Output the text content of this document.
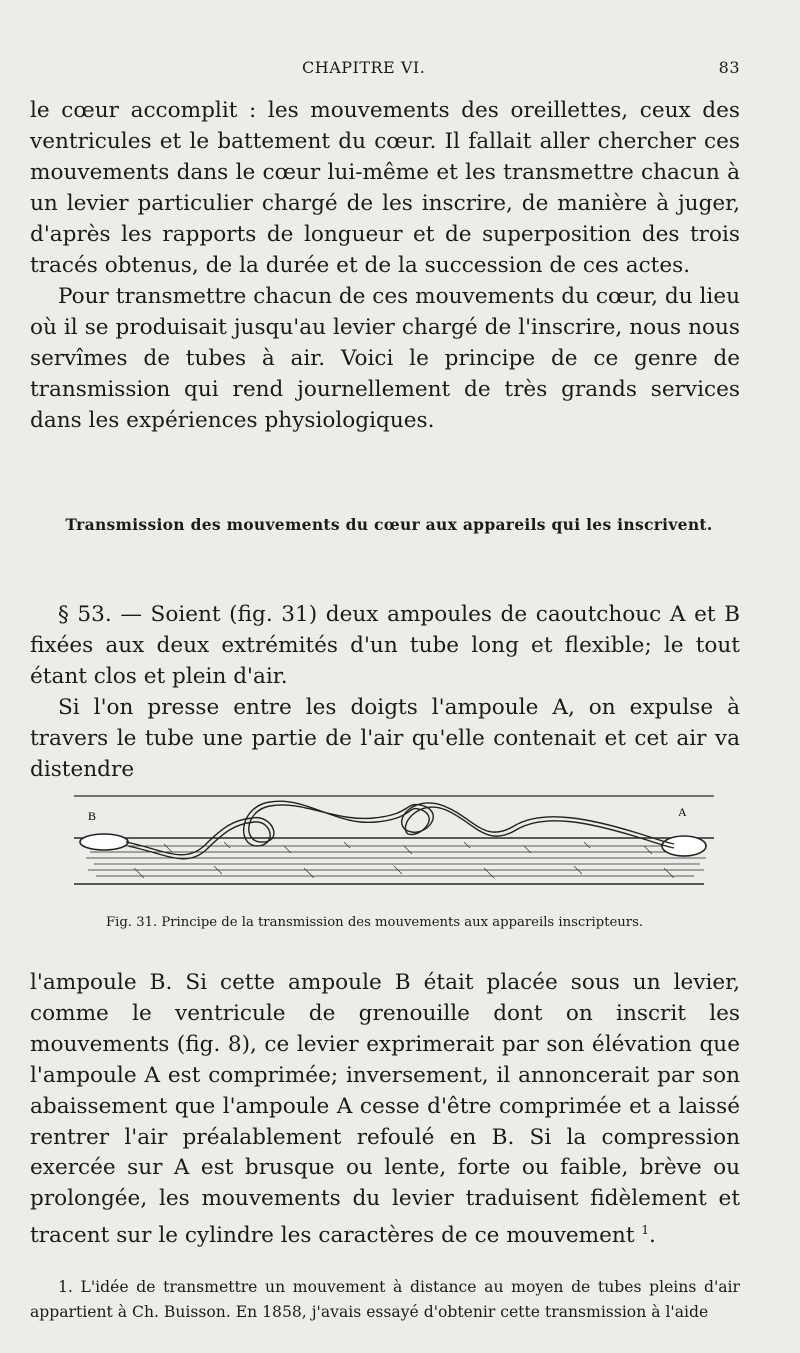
CHAPITRE VI.	83

le cœur accomplit : les mouvements des oreillettes, ceux des ventricules et le battement du cœur. Il fallait aller chercher ces mouvements dans le cœur lui-même et les transmettre chacun à un levier particulier chargé de les inscrire, de manière à juger, d'après les rapports de longueur et de superposition des trois tracés obtenus, de la durée et de la succession de ces actes.

Pour transmettre chacun de ces mouvements du cœur, du lieu où il se produisait jusqu'au levier chargé de l'inscrire, nous nous servîmes de tubes à air. Voici le principe de ce genre de transmission qui rend journellement de très grands services dans les expériences physiologiques.

Transmission des mouvements du cœur aux appareils qui les inscrivent.

§ 53. — Soient (fig. 31) deux ampoules de caoutchouc A et B fixées aux deux extrémités d'un tube long et flexible; le tout étant clos et plein d'air.

Si l'on presse entre les doigts l'ampoule A, on expulse à travers le tube une partie de l'air qu'elle contenait et cet air va distendre

B	A
Fig. 31. Principe de la transmission des mouvements aux appareils inscripteurs.

l'ampoule B. Si cette ampoule B était placée sous un levier, comme le ventricule de grenouille dont on inscrit les mouvements (fig. 8), ce levier exprimerait par son élévation que l'ampoule A est comprimée; inversement, il annoncerait par son abaissement que l'ampoule A cesse d'être comprimée et a laissé rentrer l'air préalablement refoulé en B. Si la compression exercée sur A est brusque ou lente, forte ou faible, brève ou prolongée, les mouvements du levier traduisent fidèlement et tracent sur le cylindre les caractères de ce mouvement $^1$.

1. L'idée de transmettre un mouvement à distance au moyen de tubes pleins d'air appartient à Ch. Buisson. En 1858, j'avais essayé d'obtenir cette transmission à l'aide
